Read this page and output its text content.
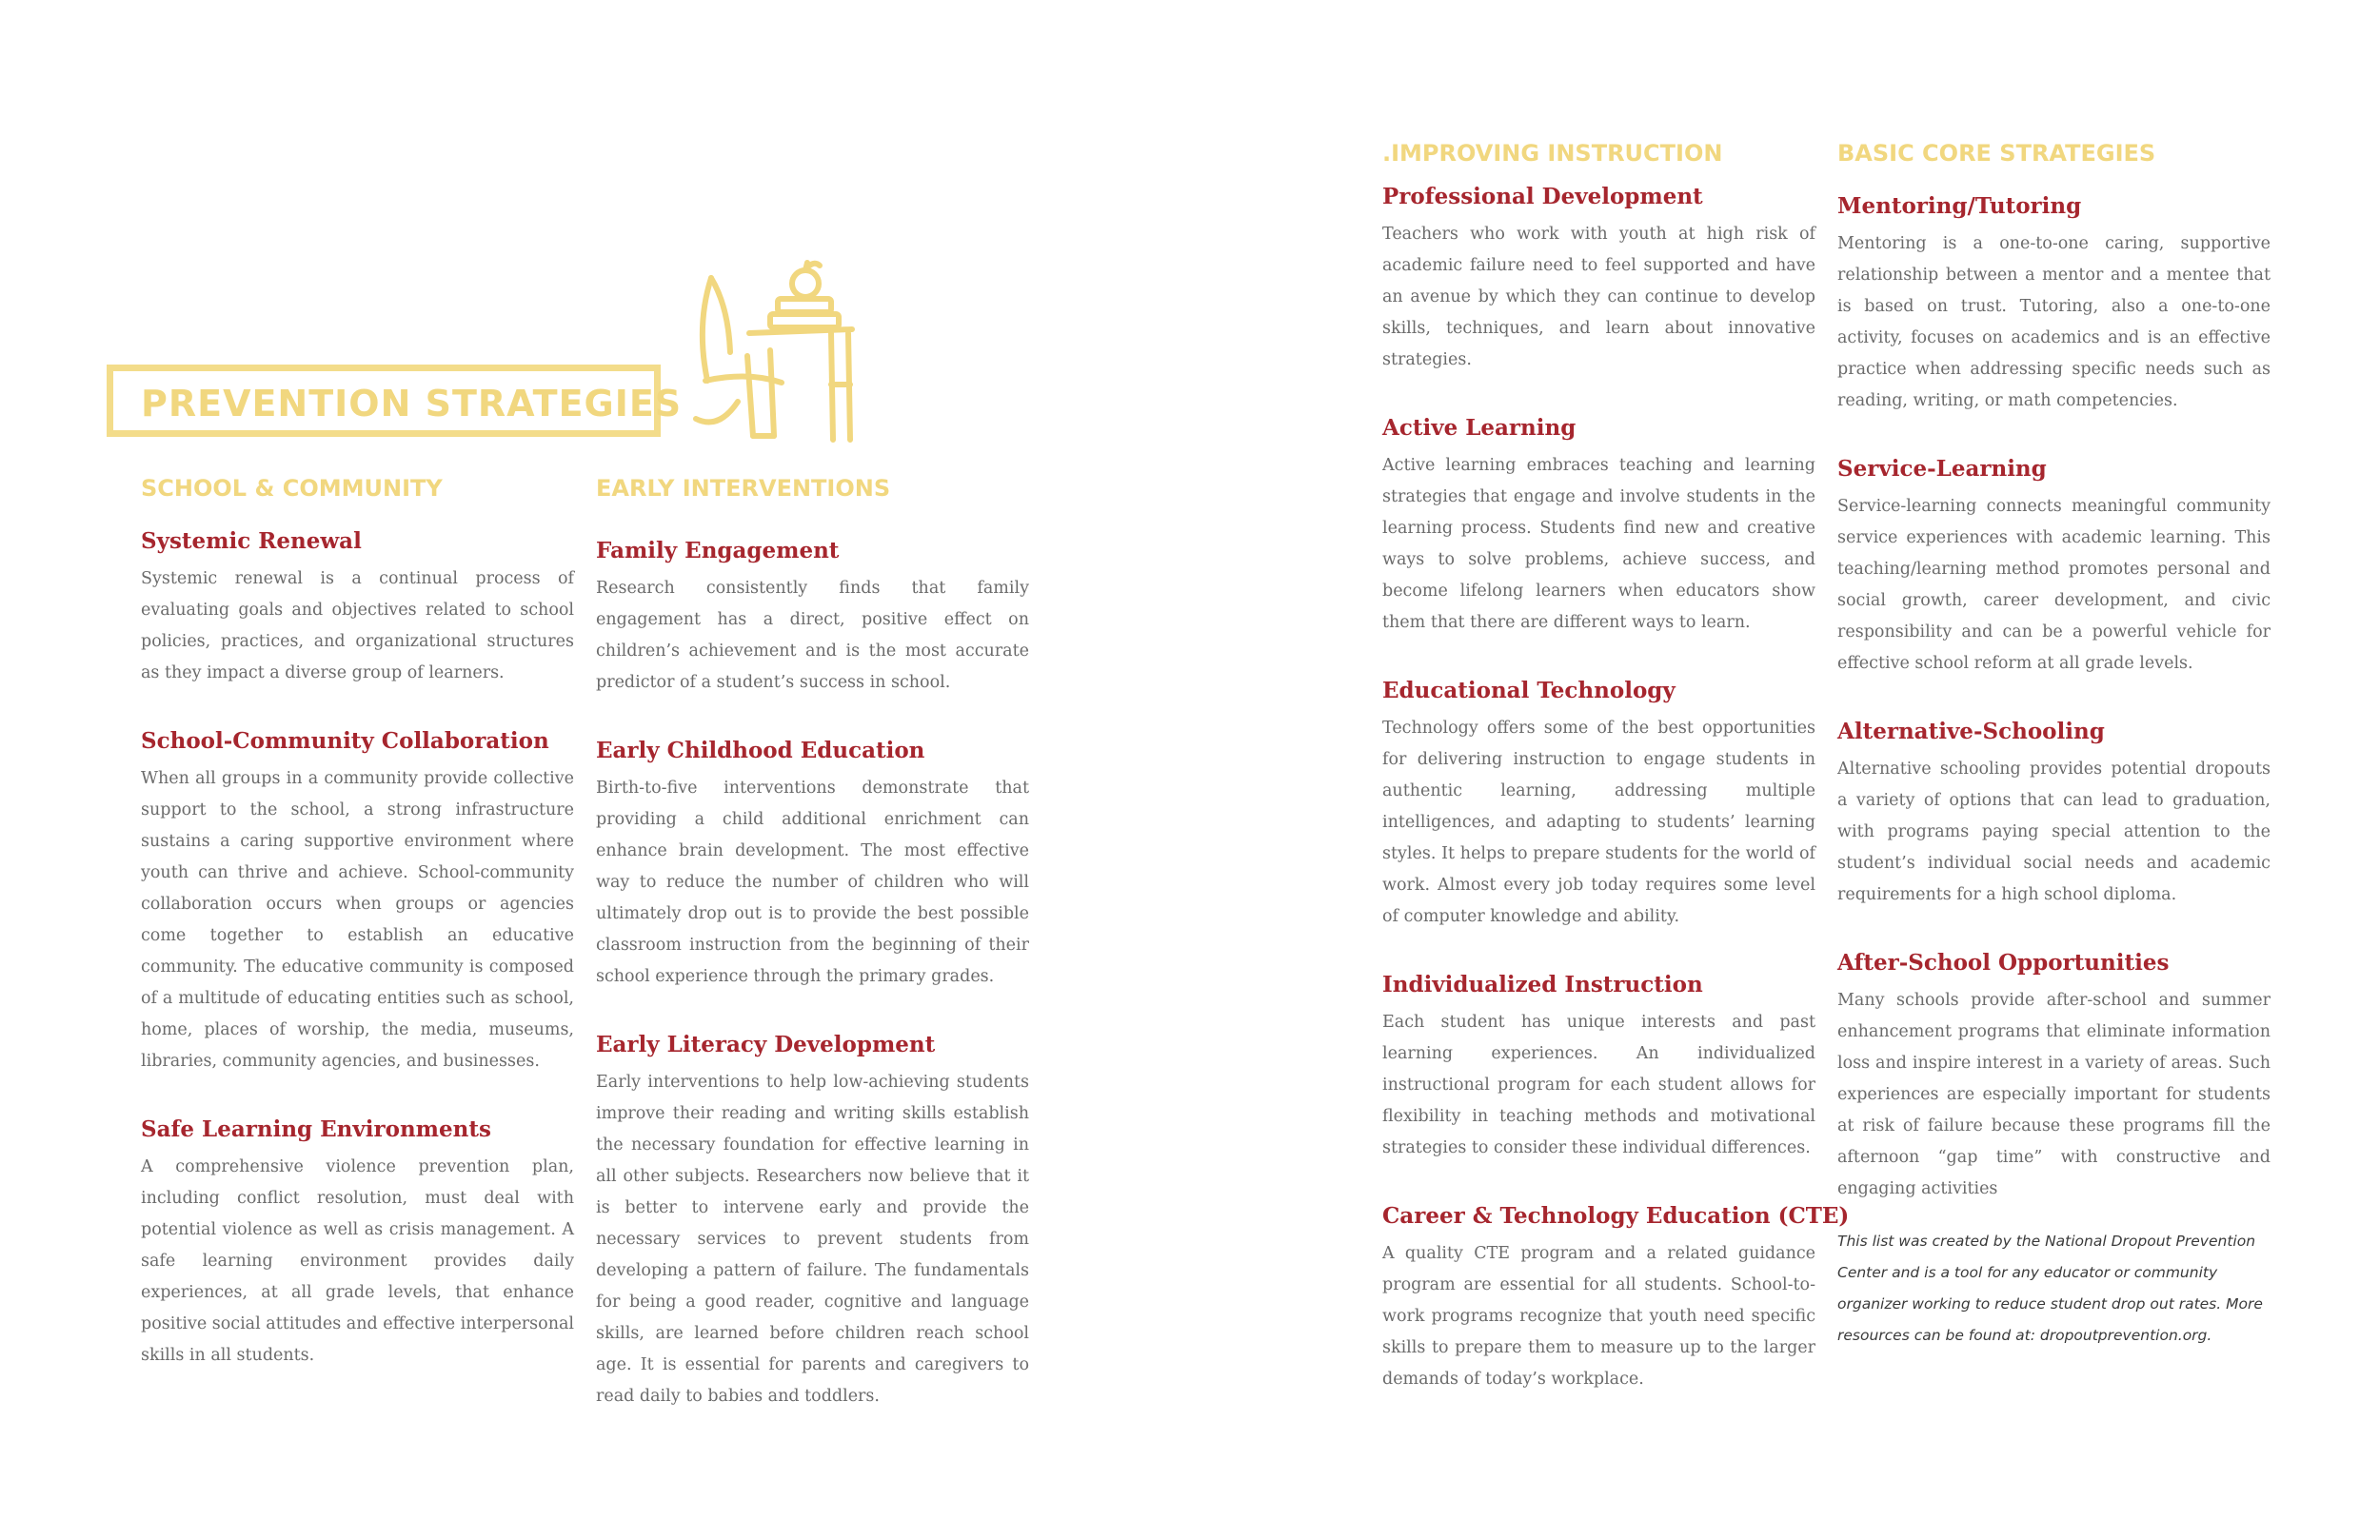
PREVENTION STRATEGIES
SCHOOL & COMMUNITY
Systemic Renewal

Systemic renewal is a continual process of evaluating goals and objectives related to school policies, practices, and organizational structures as they impact a diverse group of learners.

School-Community Collaboration

When all groups in a community provide collective support to the school, a strong infrastructure sustains a caring supportive environment where youth can thrive and achieve. School-community collaboration occurs when groups or agencies come together to establish an educative community. The educative community is composed of a multitude of educating entities such as school, home, places of worship, the media, museums, libraries, community agencies, and businesses.

Safe Learning Environments

A comprehensive violence prevention plan, including conflict resolution, must deal with potential violence as well as crisis management. A safe learning environment provides daily experiences, at all grade levels, that enhance positive social attitudes and effective interpersonal skills in all students.

EARLY INTERVENTIONS
Family Engagement

Research consistently finds that family engagement has a direct, positive effect on children’s achievement and is the most accurate predictor of a student’s success in school.

Early Childhood Education

Birth-to-five interventions demonstrate that providing a child additional enrichment can enhance brain development. The most effective way to reduce the number of children who will ultimately drop out is to provide the best possible classroom instruction from the beginning of their school experience through the primary grades.

Early Literacy Development

Early interventions to help low-achieving students improve their reading and writing skills establish the necessary foundation for effective learning in all other subjects. Researchers now believe that it is better to intervene early and provide the necessary services to prevent students from developing a pattern of failure. The fundamentals for being a good reader, cognitive and language skills, are learned before children reach school age. It is essential for parents and caregivers to read daily to babies and toddlers.

.IMPROVING INSTRUCTION
Professional Development

Teachers who work with youth at high risk of academic failure need to feel supported and have an avenue by which they can continue to develop skills, techniques, and learn about innovative strategies.

Active Learning

Active learning embraces teaching and learning strategies that engage and involve students in the learning process. Students find new and creative ways to solve problems, achieve success, and become lifelong learners when educators show them that there are different ways to learn.

Educational Technology

Technology offers some of the best opportunities for delivering instruction to engage students in authentic learning, addressing multiple intelligences, and adapting to students’ learning styles. It helps to prepare students for the world of work. Almost every job today requires some level of computer knowledge and ability.

Individualized Instruction

Each student has unique interests and past learning experiences. An individualized instructional program for each student allows for flexibility in teaching methods and motivational strategies to consider these individual differences.

Career & Technology Education (CTE)

A quality CTE program and a related guidance program are essential for all students. School-to-work programs recognize that youth need specific skills to prepare them to measure up to the larger demands of today’s workplace.

BASIC CORE STRATEGIES
Mentoring/Tutoring

Mentoring is a one-to-one caring, supportive relationship between a mentor and a mentee that is based on trust. Tutoring, also a one-to-one activity, focuses on academics and is an effective practice when addressing specific needs such as reading, writing, or math competencies.

Service-Learning

Service-learning connects meaningful community service experiences with academic learning. This teaching/learning method promotes personal and social growth, career development, and civic responsibility and can be a powerful vehicle for effective school reform at all grade levels.

Alternative-Schooling

Alternative schooling provides potential dropouts a variety of options that can lead to graduation, with programs paying special attention to the student’s individual social needs and academic requirements for a high school diploma.

After-School Opportunities

Many schools provide after-school and summer enhancement programs that eliminate information loss and inspire interest in a variety of areas. Such experiences are especially important for students at risk of failure because these programs fill the afternoon “gap time” with constructive and engaging activities

This list was created by the National Dropout Prevention Center and is a tool for any educator or community organizer working to reduce student drop out rates. More resources can be found at: dropoutprevention.org.
